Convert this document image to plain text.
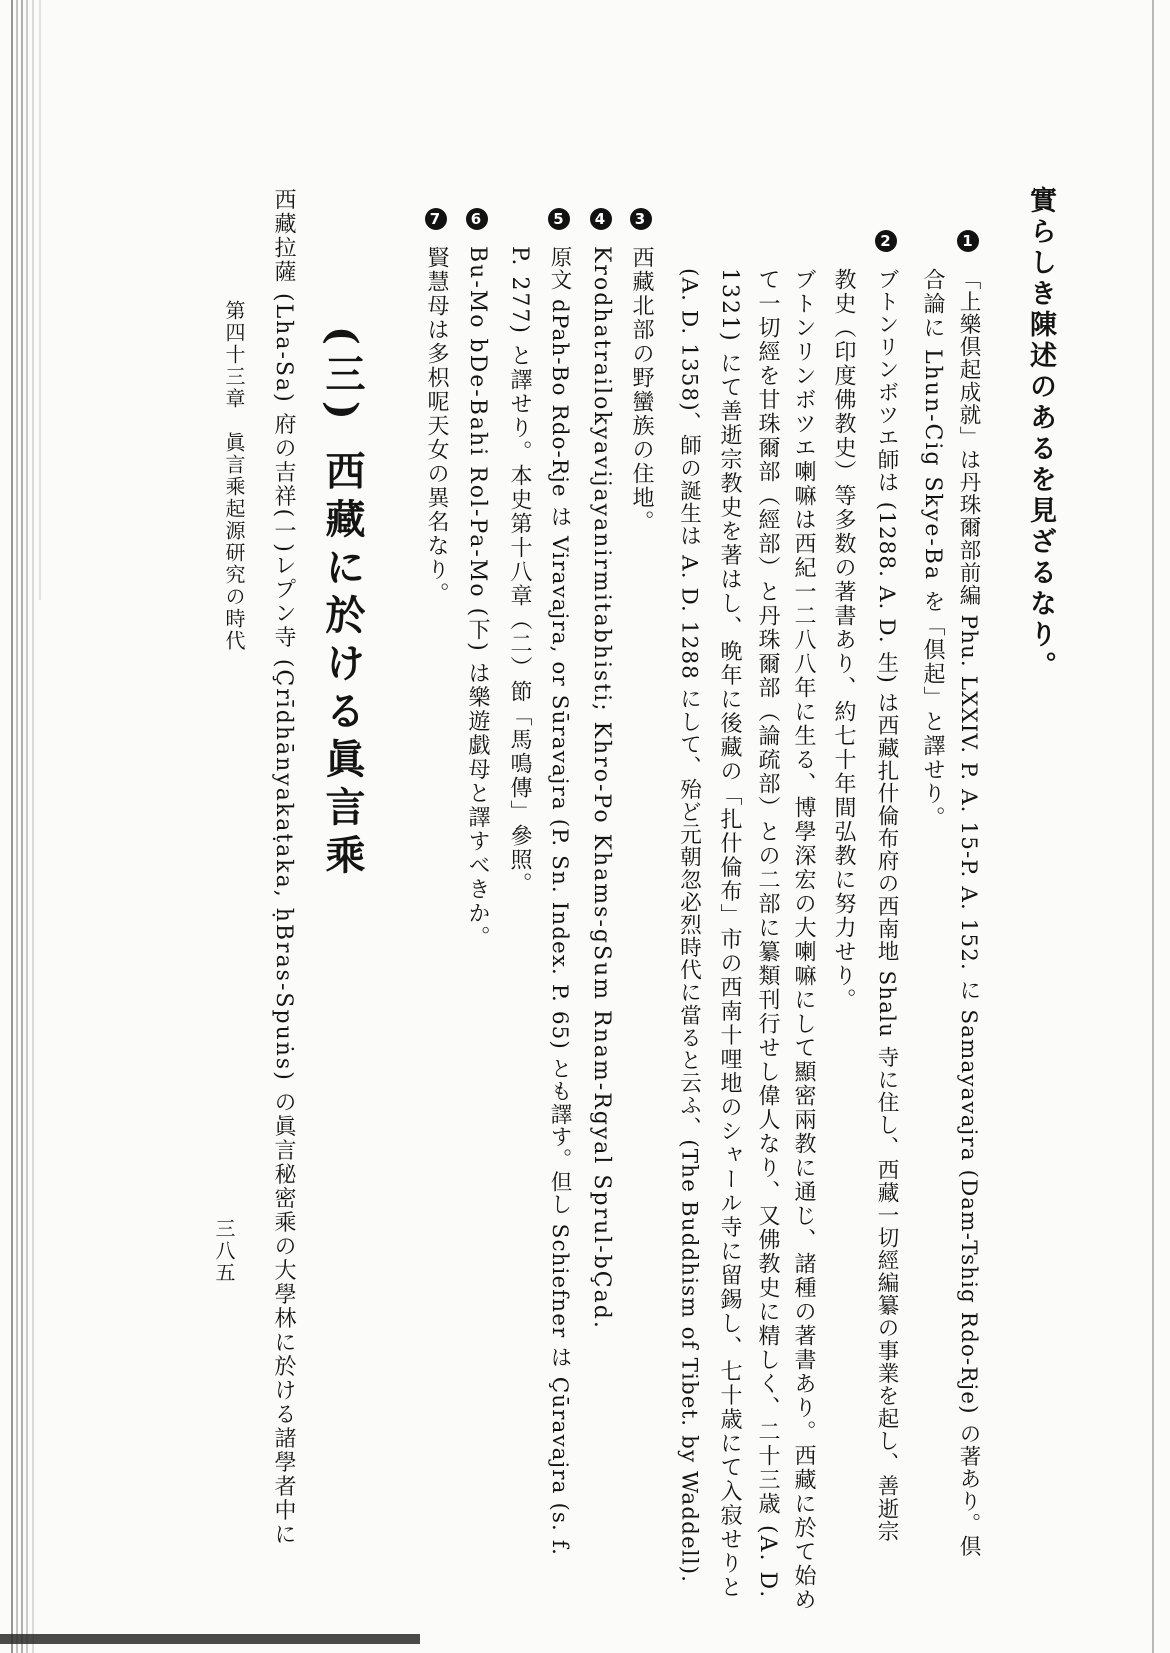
實らしき陳述のあるを見ざるなり。
1「上樂倶起成就」は丹珠爾部前編 Phu. LXXIV. P. A. 15-P. A. 152. に Samayavajra (Dam-Tshig Rdo-Rje) の著あり。倶
合論に Lhun-Cig Skye-Ba を「倶起」と譯せり。
2ブトンリンボツエ師は (1288. A. D. 生) は西藏扎什倫布府の西南地 Shalu 寺に住し、西藏一切經編纂の事業を起し、善逝宗
教史（印度佛教史）等多数の著書あり、約七十年間弘教に努力せり。
ブトンリンボツエ喇嘛は西紀一二八八年に生る、博學深宏の大喇嘛にして顯密兩教に通じ、諸種の著書あり。西藏に於て始め
て一切經を甘珠爾部（經部）と丹珠爾部（論疏部）との二部に纂類刊行せし偉人なり、又佛教史に精しく、二十三歳 (A. D.
1321) にて善逝宗教史を著はし、晩年に後藏の「扎什倫布」市の西南十哩地のシャール寺に留錫し、七十歳にて入寂せりと
(A. D. 1358)、師の誕生は A. D. 1288 にして、殆ど元朝忽必烈時代に當ると云ふ、(The Buddhism of Tibet. by Waddell).
3西藏北部の野蠻族の住地。
4Krodhatrailokyavijayanirmitabhisti; Khro-Po Khams-gSum Rnam-Rgyal Sprul-bÇad.
5原文 dPah-Bo Rdo-Rje は Viravajra, or Sūravajra (P. Sn. Index. P. 65) とも譯す。但し Schiefner は Çūravajra (s. f.
P. 277) と譯せり。本史第十八章（二）節「馬鳴傳」參照。
6Bu-Mo bDe-Bahi Rol-Pa-Mo (下) は樂遊戯母と譯すべきか。
7賢慧母は多枳呢天女の異名なり。
(三) 西藏に於ける眞言乘
西藏拉薩 (Lha-Sa) 府の吉祥(一)レプン寺 (Çrīdhānyakaṭaka, ḥBras-Spuṅs) の眞言秘密乘の大學林に於ける諸學者中に
第四十三章　眞言乘起源研究の時代
三八五
